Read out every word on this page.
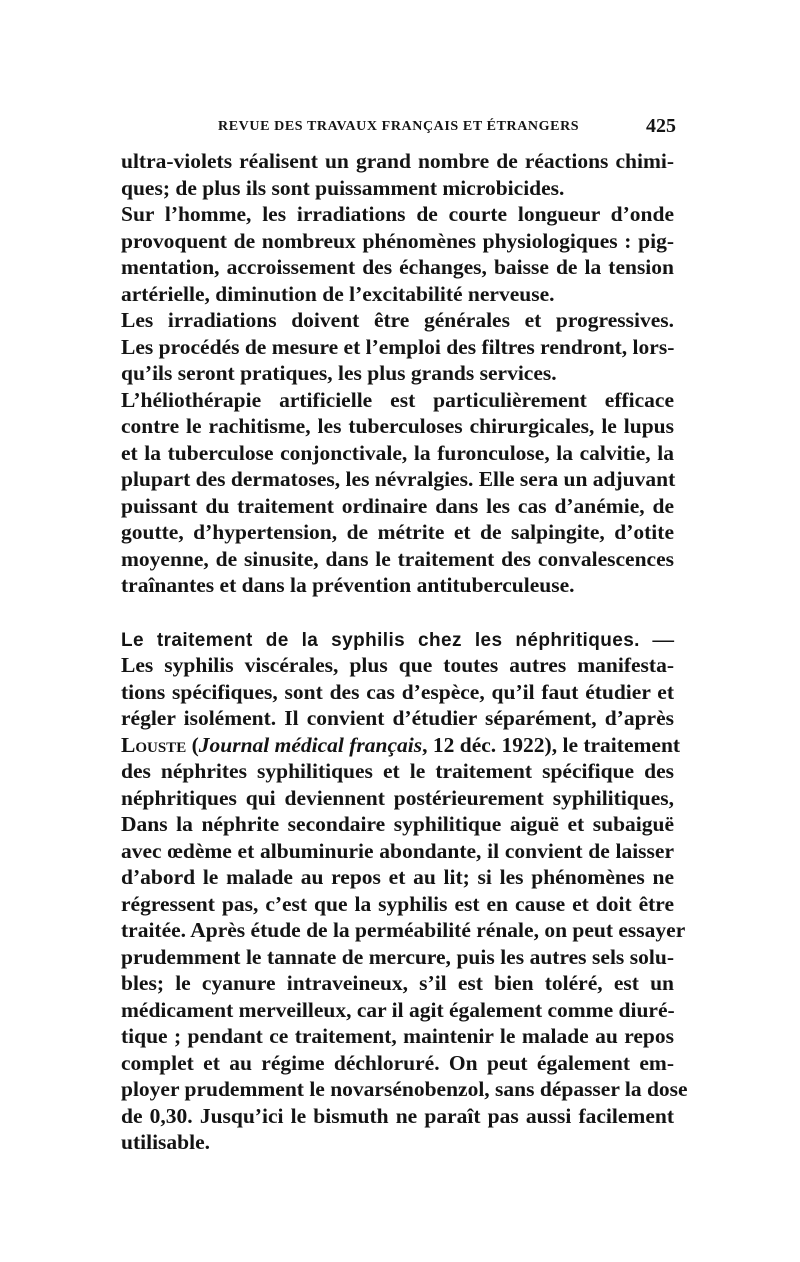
REVUE DES TRAVAUX FRANÇAIS ET ÉTRANGERS	425
ultra-violets réalisent un grand nombre de réactions chimi-
ques; de plus ils sont puissamment microbicides.
Sur l’homme, les irradiations de courte longueur d’onde
provoquent de nombreux phénomènes physiologiques : pig-
mentation, accroissement des échanges, baisse de la tension
artérielle, diminution de l’excitabilité nerveuse.
Les irradiations doivent être générales et progressives.
Les procédés de mesure et l’emploi des filtres rendront, lors-
qu’ils seront pratiques, les plus grands services.
L’héliothérapie artificielle est particulièrement efficace
contre le rachitisme, les tuberculoses chirurgicales, le lupus
et la tuberculose conjonctivale, la furonculose, la calvitie, la
plupart des dermatoses, les névralgies. Elle sera un adjuvant
puissant du traitement ordinaire dans les cas d’anémie, de
goutte, d’hypertension, de métrite et de salpingite, d’otite
moyenne, de sinusite, dans le traitement des convalescences
traînantes et dans la prévention antituberculeuse.
Le traitement de la syphilis chez les néphritiques. —
Les syphilis viscérales, plus que toutes autres manifesta-
tions spécifiques, sont des cas d’espèce, qu’il faut étudier et
régler isolément. Il convient d’étudier séparément, d’après
Louste (Journal médical français, 12 déc. 1922), le traitement
des néphrites syphilitiques et le traitement spécifique des
néphritiques qui deviennent postérieurement syphilitiques,
Dans la néphrite secondaire syphilitique aiguë et subaiguë
avec œdème et albuminurie abondante, il convient de laisser
d’abord le malade au repos et au lit; si les phénomènes ne
régressent pas, c’est que la syphilis est en cause et doit être
traitée. Après étude de la perméabilité rénale, on peut essayer
prudemment le tannate de mercure, puis les autres sels solu-
bles; le cyanure intraveineux, s’il est bien toléré, est un
médicament merveilleux, car il agit également comme diuré-
tique ; pendant ce traitement, maintenir le malade au repos
complet et au régime déchloruré. On peut également em-
ployer prudemment le novarsénobenzol, sans dépasser la dose
de 0,30. Jusqu’ici le bismuth ne paraît pas aussi facilement
utilisable.
